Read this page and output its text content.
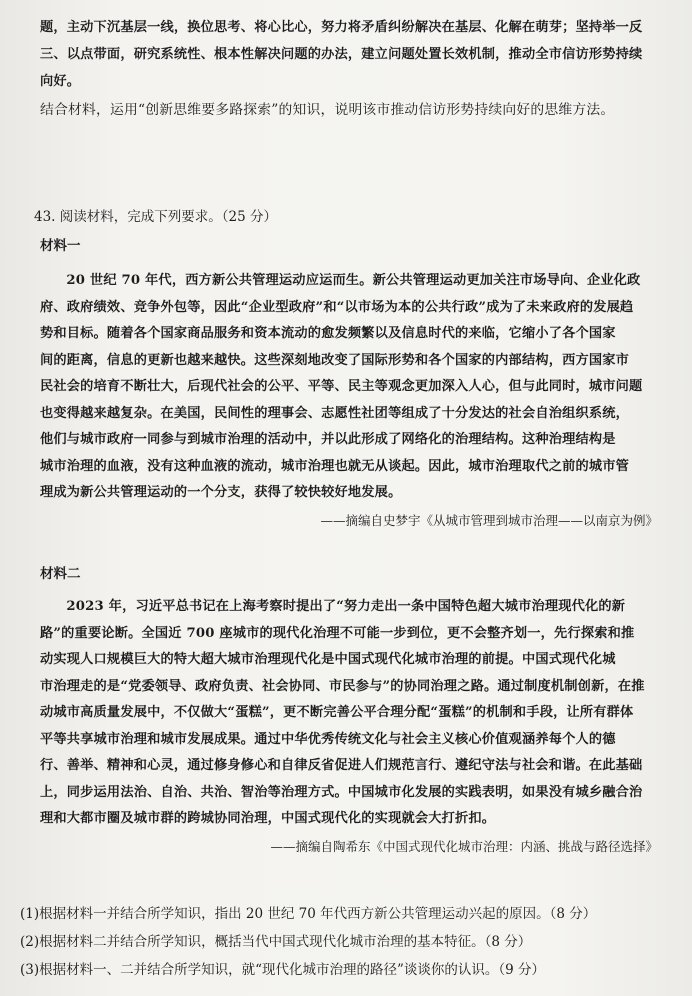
题，主动下沉基层一线，换位思考、将心比心，努力将矛盾纠纷解决在基层、化解在萌芽；坚持举一反

三、以点带面，研究系统性、根本性解决问题的办法，建立问题处置长效机制，推动全市信访形势持续

向好。

结合材料，运用“创新思维要多路探索”的知识，说明该市推动信访形势持续向好的思维方法。

43. 阅读材料，完成下列要求。（25 分）

材料一

20 世纪 70 年代，西方新公共管理运动应运而生。新公共管理运动更加关注市场导向、企业化政

府、政府绩效、竞争外包等，因此“企业型政府”和“以市场为本的公共行政”成为了未来政府的发展趋

势和目标。随着各个国家商品服务和资本流动的愈发频繁以及信息时代的来临，它缩小了各个国家

间的距离，信息的更新也越来越快。这些深刻地改变了国际形势和各个国家的内部结构，西方国家市

民社会的培育不断壮大，后现代社会的公平、平等、民主等观念更加深入人心，但与此同时，城市问题

也变得越来越复杂。在美国，民间性的理事会、志愿性社团等组成了十分发达的社会自治组织系统，

他们与城市政府一同参与到城市治理的活动中，并以此形成了网络化的治理结构。这种治理结构是

城市治理的血液，没有这种血液的流动，城市治理也就无从谈起。因此，城市治理取代之前的城市管

理成为新公共管理运动的一个分支，获得了较快较好地发展。

——摘编自史梦宇《从城市管理到城市治理——以南京为例》

材料二

2023 年，习近平总书记在上海考察时提出了“努力走出一条中国特色超大城市治理现代化的新

路”的重要论断。全国近 700 座城市的现代化治理不可能一步到位，更不会整齐划一，先行探索和推

动实现人口规模巨大的特大超大城市治理现代化是中国式现代化城市治理的前提。中国式现代化城

市治理走的是“党委领导、政府负责、社会协同、市民参与”的协同治理之路。通过制度机制创新，在推

动城市高质量发展中，不仅做大“蛋糕”，更不断完善公平合理分配“蛋糕”的机制和手段，让所有群体

平等共享城市治理和城市发展成果。通过中华优秀传统文化与社会主义核心价值观涵养每个人的德

行、善举、精神和心灵，通过修身修心和自律反省促进人们规范言行、遵纪守法与社会和谐。在此基础

上，同步运用法治、自治、共治、智治等治理方式。中国城市化发展的实践表明，如果没有城乡融合治

理和大都市圈及城市群的跨城协同治理，中国式现代化的实现就会大打折扣。

——摘编自陶希东《中国式现代化城市治理：内涵、挑战与路径选择》

(1)根据材料一并结合所学知识，指出 20 世纪 70 年代西方新公共管理运动兴起的原因。（8 分）

(2)根据材料二并结合所学知识，概括当代中国式现代化城市治理的基本特征。（8 分）

(3)根据材料一、二并结合所学知识，就“现代化城市治理的路径”谈谈你的认识。（9 分）
